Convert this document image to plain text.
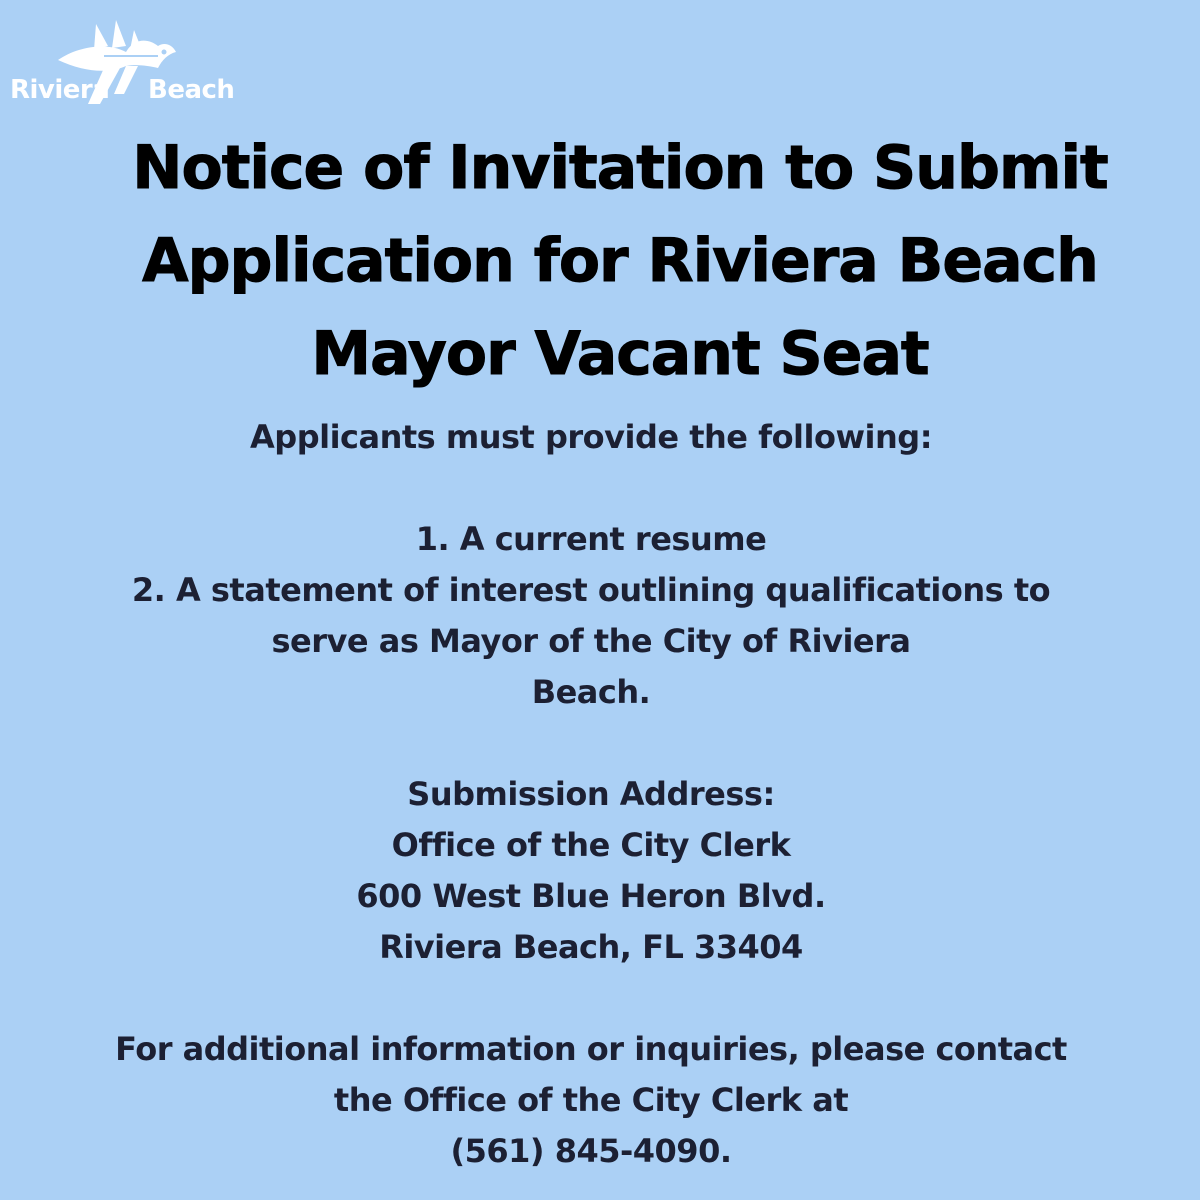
Riviera Beach
Notice of Invitation to Submit
Application for Riviera Beach
Mayor Vacant Seat
Applicants must provide the following:
1. A current resume
2. A statement of interest outlining qualifications to
serve as Mayor of the City of Riviera
Beach.
Submission Address:
Office of the City Clerk
600 West Blue Heron Blvd.
Riviera Beach, FL 33404
For additional information or inquiries, please contact
the Office of the City Clerk at
(561) 845-4090.
